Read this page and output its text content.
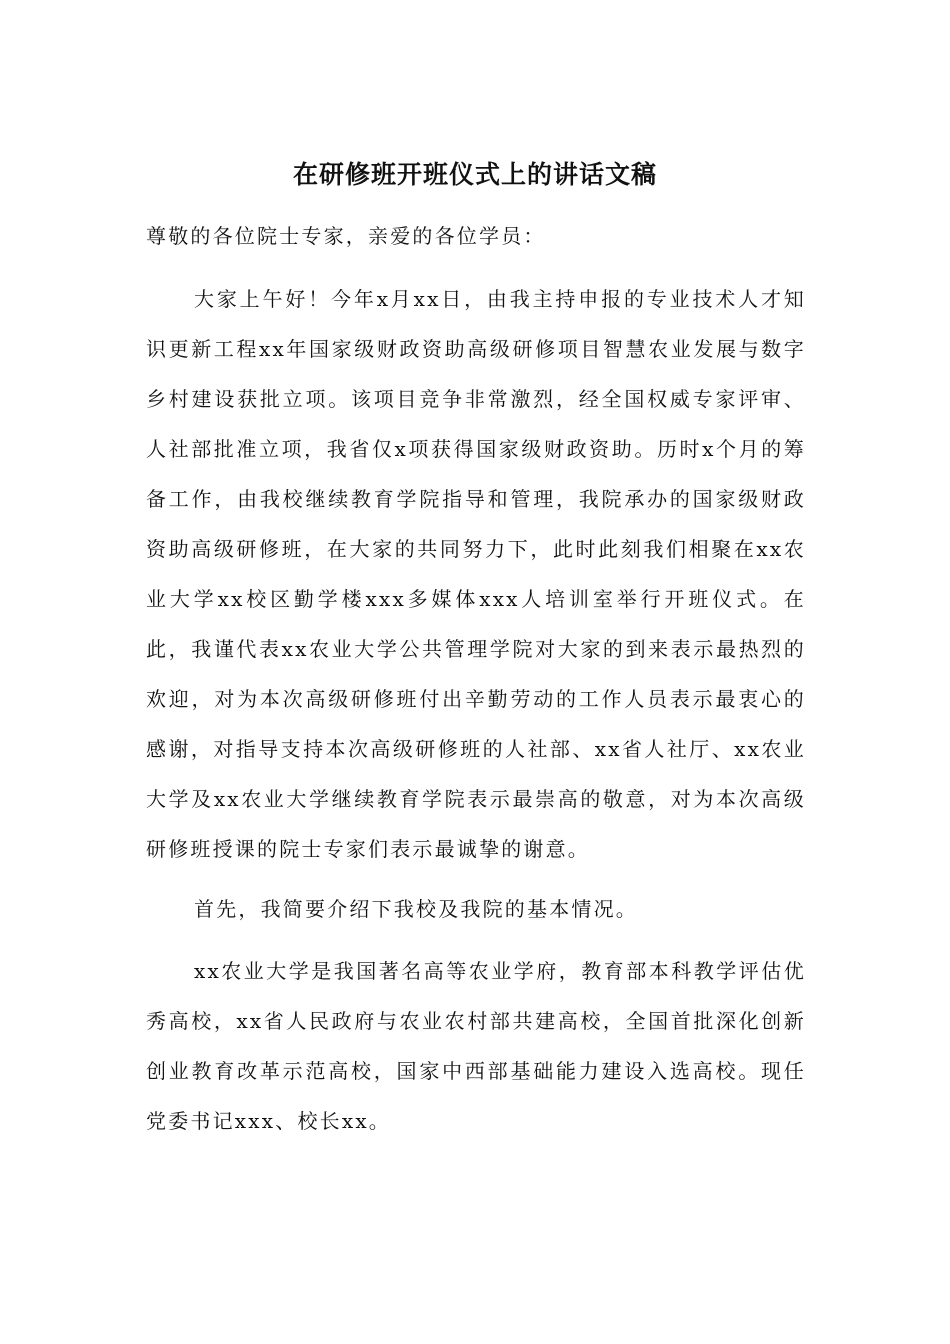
在研修班开班仪式上的讲话文稿

尊敬的各位院士专家，亲爱的各位学员：

大家上午好！今年x月xx日，由我主持申报的专业技术人才知识更新工程xx年国家级财政资助高级研修项目智慧农业发展与数字乡村建设获批立项。该项目竞争非常激烈，经全国权威专家评审、人社部批准立项，我省仅x项获得国家级财政资助。历时x个月的筹备工作，由我校继续教育学院指导和管理，我院承办的国家级财政资助高级研修班，在大家的共同努力下，此时此刻我们相聚在xx农业大学xx校区勤学楼xxx多媒体xxx人培训室举行开班仪式。在此，我谨代表xx农业大学公共管理学院对大家的到来表示最热烈的欢迎，对为本次高级研修班付出辛勤劳动的工作人员表示最衷心的感谢，对指导支持本次高级研修班的人社部、xx省人社厅、xx农业大学及xx农业大学继续教育学院表示最崇高的敬意，对为本次高级研修班授课的院士专家们表示最诚挚的谢意。

首先，我简要介绍下我校及我院的基本情况。

xx农业大学是我国著名高等农业学府，教育部本科教学评估优秀高校，xx省人民政府与农业农村部共建高校，全国首批深化创新创业教育改革示范高校，国家中西部基础能力建设入选高校。现任党委书记xxx、校长xx。
